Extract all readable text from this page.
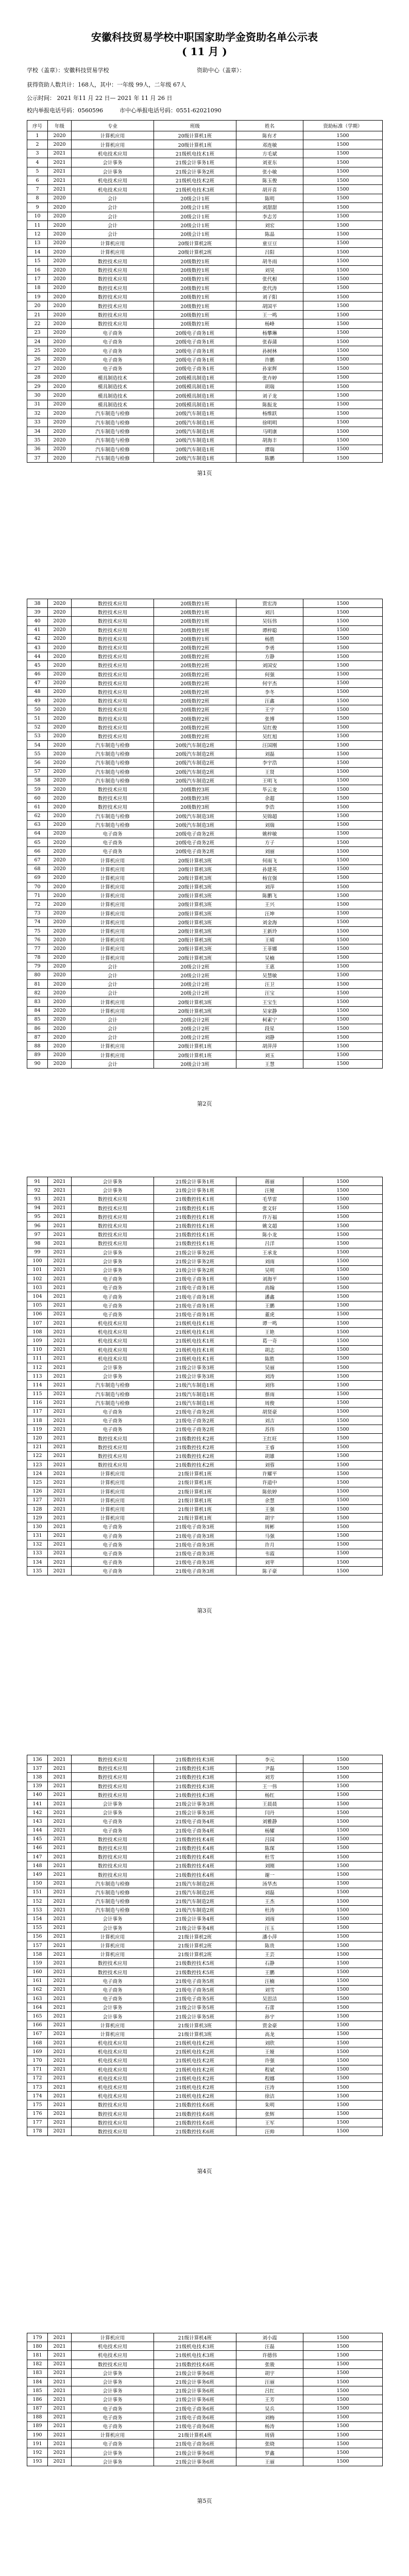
安徽科技贸易学校中职国家助学金资助名单公示表
( 11 月 )
学校（盖章）：安徽科技贸易学校	资助中心（盖章）：
获得资助人数共计：168人，其中：一年级 99人，二年级 67人
公示时间： 2021 年11 月 22 日— 2021 年 11 月 26 日
校内举报电话号码：0560596	市中心举报电话号码：0551-62021090
序号	年级	专业	班级	姓名	资助标准（学期）
1	2020	计算机应用	20级计算机1班	陈有才	1500
2	2020	计算机应用	20级计算机1班	邓连敏	1500
3	2021	机电技术应用	21级机电技术1班	方毛斌	1500
4	2021	会计事务	21级会计事务1班	刘亚东	1500
5	2021	会计事务	21级会计事务2班	张小敏	1500
6	2021	机电技术应用	21级机电技术2班	陈玉俊	1500
7	2021	机电技术应用	21级机电技术3班	胡开喜	1500
8	2020	会计	20级会计1班	陈明	1500
9	2020	会计	20级会计1班	刘甜甜	1500
10	2020	会计	20级会计1班	李志芳	1500
11	2020	会计	20级会计1班	刘宏	1500
12	2020	会计	20级会计1班	陈晶	1500
13	2020	计算机应用	20级计算机2班	童豆豆	1500
14	2020	计算机应用	20级计算机2班	吕阳	1500
15	2020	数控技术应用	20级数控1班	胡冬雨	1500
16	2020	数控技术应用	20级数控1班	刘昊	1500
17	2020	数控技术应用	20级数控1班	张代根	1500
18	2020	数控技术应用	20级数控1班	张代涛	1500
19	2020	数控技术应用	20级数控1班	刘子阳	1500
20	2020	数控技术应用	20级数控1班	胡国平	1500
21	2020	数控技术应用	20级数控1班	王一鸣	1500
22	2020	数控技术应用	20级数控1班	杨峰	1500
23	2020	电子商务	20级电子商务1班	杨攀琳	1500
24	2020	电子商务	20级电子商务1班	张春蒲	1500
25	2020	电子商务	20级电子商务1班	孙树林	1500
26	2020	电子商务	20级电子商务1班	许鹏	1500
27	2020	电子商务	20级电子商务1班	孙家辉	1500
28	2020	模具制造技术	20级模具制造1班	张卉婷	1500
29	2020	模具制造技术	20级模具制造1班	胡瑞	1500
30	2020	模具制造技术	20级模具制造1班	刘子龙	1500
31	2020	模具制造技术	20级模具制造1班	陈振龙	1500
32	2020	汽车制造与检修	20级汽车制造1班	杨维跃	1500
33	2020	汽车制造与检修	20级汽车制造1班	徐明明	1500
34	2020	汽车制造与检修	20级汽车制造1班	马明康	1500
35	2020	汽车制造与检修	20级汽车制造1班	胡海丰	1500
36	2020	汽车制造与检修	20级汽车制造1班	谭瑞	1500
37	2020	汽车制造与检修	20级汽车制造1班	陈鹏	1500
第1页
38	2020	数控技术应用	20级数控1班	贾宏涛	1500
39	2020	数控技术应用	20级数控1班	刘吕	1500
40	2020	数控技术应用	20级数控1班	吴钰伟	1500
41	2020	数控技术应用	20级数控1班	谭梓聪	1500
42	2020	数控技术应用	20级数控1班	杨胜	1500
43	2020	数控技术应用	20级数控2班	李勇	1500
44	2020	数控技术应用	20级数控2班	方静	1500
45	2020	数控技术应用	20级数控2班	刘国安	1500
46	2020	数控技术应用	20级数控2班	何强	1500
47	2020	数控技术应用	20级数控2班	何宇杰	1500
48	2020	数控技术应用	20级数控2班	李冬	1500
49	2020	数控技术应用	20级数控2班	汪鑫	1500
50	2020	数控技术应用	20级数控2班	王宇	1500
51	2020	数控技术应用	20级数控2班	张博	1500
52	2020	数控技术应用	20级数控2班	吴红俊	1500
53	2020	数控技术应用	20级数控2班	吴红旭	1500
54	2020	汽车制造与检修	20级汽车制造2班	汪国刚	1500
55	2020	汽车制造与检修	20级汽车制造2班	刘磊	1500
56	2020	汽车制造与检修	20级汽车制造2班	李宇浩	1500
57	2020	汽车制造与检修	20级汽车制造2班	王贤	1500
58	2020	汽车制造与检修	20级汽车制造2班	王明飞	1500
59	2020	数控技术应用	20级数控3班	毕云龙	1500
60	2020	数控技术应用	20级数控3班	余超	1500
61	2020	数控技术应用	20级数控3班	李浩	1500
62	2020	汽车制造与检修	20级汽车制造3班	吴锦超	1500
63	2020	汽车制造与检修	20级汽车制造3班	刘瑞	1500
64	2020	电子商务	20级电子商务2班	姚梓敏	1500
65	2020	电子商务	20级电子商务2班	方子	1500
66	2020	电子商务	20级电子商务2班	刘丽	1500
67	2020	计算机应用	20级计算机3班	何雨飞	1500
68	2020	计算机应用	20级计算机3班	孙建英	1500
69	2020	计算机应用	20级计算机3班	杨宜强	1500
70	2020	计算机应用	20级计算机3班	刘萍	1500
71	2020	计算机应用	20级计算机3班	陈鹏飞	1500
72	2020	计算机应用	20级计算机3班	王兴	1500
73	2020	计算机应用	20级计算机3班	汪坤	1500
74	2020	计算机应用	20级计算机3班	刘金海	1500
75	2020	计算机应用	20级计算机3班	王新玲	1500
76	2020	计算机应用	20级计算机3班	王晴	1500
77	2020	计算机应用	20级计算机3班	王菲娜	1500
78	2020	计算机应用	20级计算机3班	吴楠	1500
79	2020	会计	20级会计2班	王惠	1500
80	2020	会计	20级会计2班	吴慧敏	1500
81	2020	会计	20级会计2班	汪卫	1500
82	2020	会计	20级会计2班	汪宝	1500
83	2020	计算机应用	20级计算机3班	王宝生	1500
84	2020	计算机应用	20级计算机3班	吴家静	1500
85	2020	会计	20级会计2班	柯素宁	1500
86	2020	会计	20级会计2班	段星	1500
87	2020	会计	20级会计2班	刘静	1500
88	2020	计算机应用	20级计算机1班	胡萍萍	1500
89	2020	计算机应用	20级计算机1班	刘玉	1500
90	2020	会计	20级会计3班	王慧	1500
第2页
91	2021	会计事务	21级会计事务1班	蒋丽	1500
92	2021	会计事务	21级会计事务1班	汪娅	1500
93	2021	数控技术应用	21级数控技术1班	毛华雷	1500
94	2021	数控技术应用	21级数控技术1班	张文轩	1500
95	2021	数控技术应用	21级数控技术1班	许万福	1500
96	2021	数控技术应用	21级数控技术1班	姚文超	1500
97	2021	数控技术应用	21级数控技术1班	陈小龙	1500
98	2021	数控技术应用	21级数控技术1班	吕洋	1500
99	2021	会计事务	21级会计事务2班	王承龙	1500
100	2021	会计事务	21级会计事务2班	刘雨	1500
101	2021	会计事务	21级会计事务2班	吴明	1500
102	2021	电子商务	21级电子商务1班	刘海平	1500
103	2021	电子商务	21级电子商务1班	高翰	1500
104	2021	电子商务	21级电子商务1班	潘鑫	1500
105	2021	电子商务	21级电子商务1班	王鹏	1500
106	2021	电子商务	21级电子商务1班	董虎	1500
107	2021	机电技术应用	21级机电技术1班	谭一鸣	1500
108	2021	机电技术应用	21级机电技术1班	王艳	1500
109	2021	机电技术应用	21级机电技术1班	葛一奇	1500
110	2021	机电技术应用	21级机电技术1班	胡志	1500
111	2021	机电技术应用	21级机电技术1班	陈胜	1500
112	2021	会计事务	21级会计事务3班	吴丽	1500
113	2021	会计事务	21级会计事务3班	刘涛	1500
114	2021	汽车制造与检修	21级汽车制造1班	刘伟	1500
115	2021	汽车制造与检修	21级汽车制造1班	蔡雨	1500
116	2021	汽车制造与检修	21级汽车制造1班	周俊	1500
117	2021	电子商务	21级电子商务2班	胡贤豪	1500
118	2021	电子商务	21级电子商务2班	刘吉	1500
119	2021	电子商务	21级电子商务2班	苏伟	1500
120	2021	数控技术应用	21级数控技术2班	王红旺	1500
121	2021	数控技术应用	21级数控技术2班	王睿	1500
122	2021	数控技术应用	21级数控技术2班	胡雄	1500
123	2021	数控技术应用	21级数控技术2班	刘蓉	1500
124	2021	计算机应用	21级计算机1班	许耀平	1500
125	2021	计算机应用	21级计算机1班	许道中	1500
126	2021	计算机应用	21级计算机1班	陈依婷	1500
127	2021	计算机应用	21级计算机1班	余慧	1500
128	2021	计算机应用	21级计算机1班	王强	1500
129	2021	计算机应用	21级计算机1班	胡宇	1500
130	2021	电子商务	21级电子商务3班	周彬	1500
131	2021	电子商务	21级电子商务3班	马强	1500
132	2021	电子商务	21级电子商务3班	许月	1500
133	2021	电子商务	21级电子商务3班	韦霞	1500
134	2021	电子商务	21级电子商务3班	刘苹	1500
135	2021	电子商务	21级电子商务3班	陈子豪	1500
第3页
136	2021	数控技术应用	21级数控技术3班	李元	1500
137	2021	数控技术应用	21级数控技术3班	尹磊	1500
138	2021	数控技术应用	21级数控技术3班	刘芳	1500
139	2021	数控技术应用	21级数控技术3班	王一伟	1500
140	2021	数控技术应用	21级数控技术3班	杨红	1500
141	2021	会计事务	21级会计事务3班	王晨晨	1500
142	2021	会计事务	21级会计事务3班	闫丹	1500
143	2021	电子商务	21级电子商务4班	刘雅静	1500
144	2021	电子商务	21级电子商务4班	杨耀	1500
145	2021	数控技术应用	21级数控技术4班	吕园	1500
146	2021	数控技术应用	21级数控技术4班	陈琛	1500
147	2021	数控技术应用	21级数控技术4班	杜雪	1500
148	2021	数控技术应用	21级数控技术4班	刘刚	1500
149	2021	数控技术应用	21级数控技术4班	谢一	1500
150	2021	汽车制造与检修	21级汽车制造2班	汤华杰	1500
151	2021	汽车制造与检修	21级汽车制造2班	刘磊	1500
152	2021	汽车制造与检修	21级汽车制造2班	王杰	1500
153	2021	汽车制造与检修	21级汽车制造2班	杜涛	1500
154	2021	会计事务	21级会计事务4班	刘雨	1500
155	2021	会计事务	21级会计事务4班	汪玉	1500
156	2021	计算机应用	21级计算机2班	潘小萍	1500
157	2021	计算机应用	21级计算机2班	陈贵	1500
158	2021	计算机应用	21级计算机2班	王芸	1500
159	2021	数控技术应用	21级数控技术5班	石静	1500
160	2021	数控技术应用	21级数控技术5班	王鹏	1500
161	2021	电子商务	21级电子商务5班	汪楠	1500
162	2021	电子商务	21级电子商务5班	刘雪	1500
163	2021	电子商务	21级电子商务5班	吴思洁	1500
164	2021	会计事务	21级会计事务5班	石蕾	1500
165	2021	会计事务	21级会计事务5班	孙宇	1500
166	2021	计算机应用	21级计算机3班	贾金豪	1500
167	2021	计算机应用	21级计算机3班	高龙	1500
168	2021	机电技术应用	21级机电技术2班	刘欣	1500
169	2021	机电技术应用	21级机电技术2班	王娅	1500
170	2021	机电技术应用	21级机电技术2班	许强	1500
171	2021	机电技术应用	21级机电技术2班	程斌	1500
172	2021	机电技术应用	21级机电技术2班	程娜	1500
173	2021	机电技术应用	21级机电技术2班	汪涛	1500
174	2021	机电技术应用	21级机电技术2班	徐洁	1500
175	2021	数控技术应用	21级数控技术6班	朱明	1500
176	2021	数控技术应用	21级数控技术6班	张辉	1500
177	2021	数控技术应用	21级数控技术6班	王军	1500
178	2021	数控技术应用	21级数控技术6班	汪帅	1500
第4页
179	2021	计算机应用	21级计算机4班	刘小霞	1500
180	2021	机电技术应用	21级机电技术3班	汪磊	1500
181	2021	机电技术应用	21级机电技术3班	许德伟	1500
182	2021	数控技术应用	21级数控技术6班	张骏	1500
183	2021	会计事务	21级会计事务6班	胡宇	1500
184	2021	会计事务	21级会计事务6班	汪丽	1500
185	2021	会计事务	21级会计事务6班	吕红	1500
186	2021	会计事务	21级会计事务6班	王芳	1500
187	2021	电子商务	21级电子商务6班	吴兵	1500
188	2021	电子商务	21级电子商务6班	刘梅	1500
189	2021	电子商务	21级电子商务6班	杨涛	1500
190	2021	计算机应用	21级计算机4班	周倩	1500
191	2021	电子商务	21级电子商务6班	张晓	1500
192	2021	会计事务	21级会计事务6班	罗鑫	1500
193	2021	会计事务	21级会计事务6班	王丽	1500
第5页
